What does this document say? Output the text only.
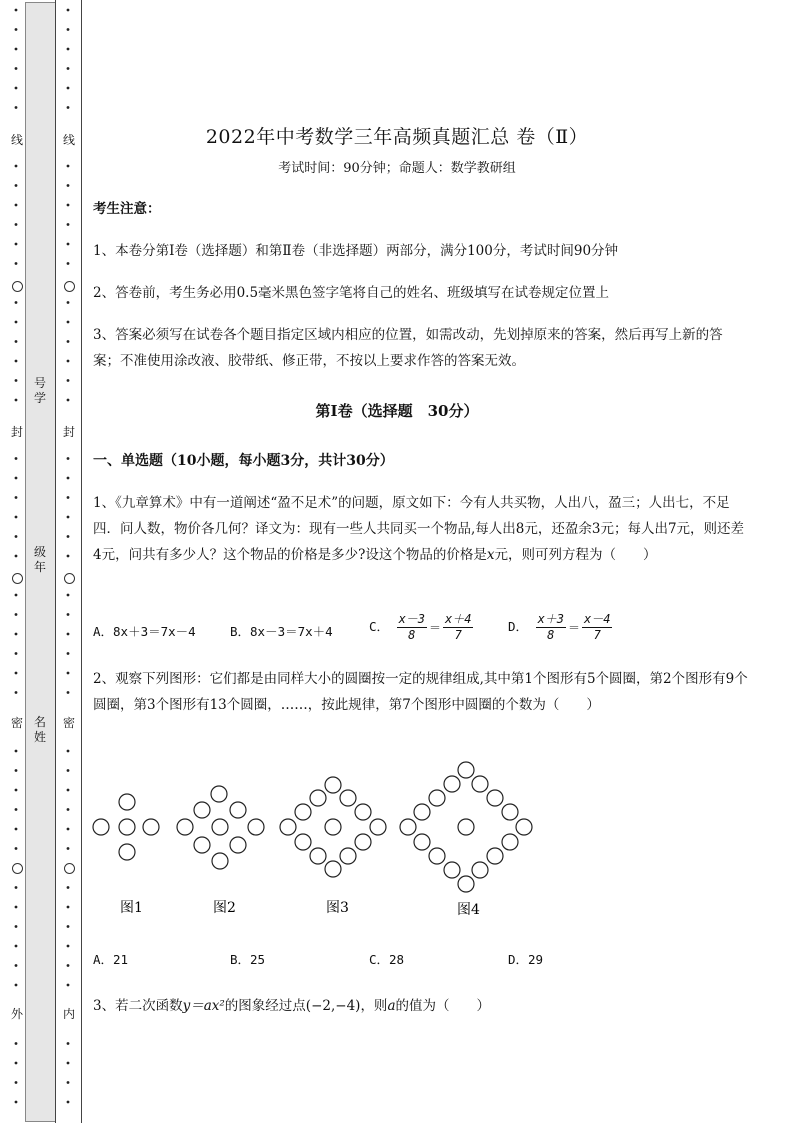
线
封
密
外
线
封
密
内
号学
级年
名姓
2022年中考数学三年高频真题汇总 卷（Ⅱ）
考试时间：90分钟；命题人：数学教研组
考生注意：
1、本卷分第I卷（选择题）和第Ⅱ卷（非选择题）两部分，满分100分，考试时间90分钟
2、答卷前，考生务必用0.5毫米黑色签字笔将自己的姓名、班级填写在试卷规定位置上
3、答案必须写在试卷各个题目指定区域内相应的位置，如需改动，先划掉原来的答案，然后再写上新的答案；不准使用涂改液、胶带纸、修正带，不按以上要求作答的答案无效。
第I卷（选择题　30分）
一、单选题（10小题，每小题3分，共计30分）
1、《九章算术》中有一道阐述“盈不足术”的问题，原文如下：今有人共买物，人出八，盈三；人出七，不足四．问人数，物价各几何？译文为：现有一些人共同买一个物品,每人出8元，还盈余3元；每人出7元，则还差4元，问共有多少人？这个物品的价格是多少?设这个物品的价格是x元，则可列方程为（　　）
A．8x＋3＝7x－4	B．8x－3＝7x＋4	C． $\frac{x-3}{8} = \frac{x+4}{7}$	D． $\frac{x+3}{8} = \frac{x-4}{7}$
2、观察下列图形：它们都是由同样大小的圆圈按一定的规律组成,其中第1个图形有5个圆圈，第2个图形有9个圆圈，第3个图形有13个圆圈，……，按此规律，第7个图形中圆圈的个数为（　　）
图1	图2	图3	图4
A．21	B．25	C．28	D．29
3、若二次函数y＝ax²的图象经过点(−2,−4)，则a的值为（　　）
